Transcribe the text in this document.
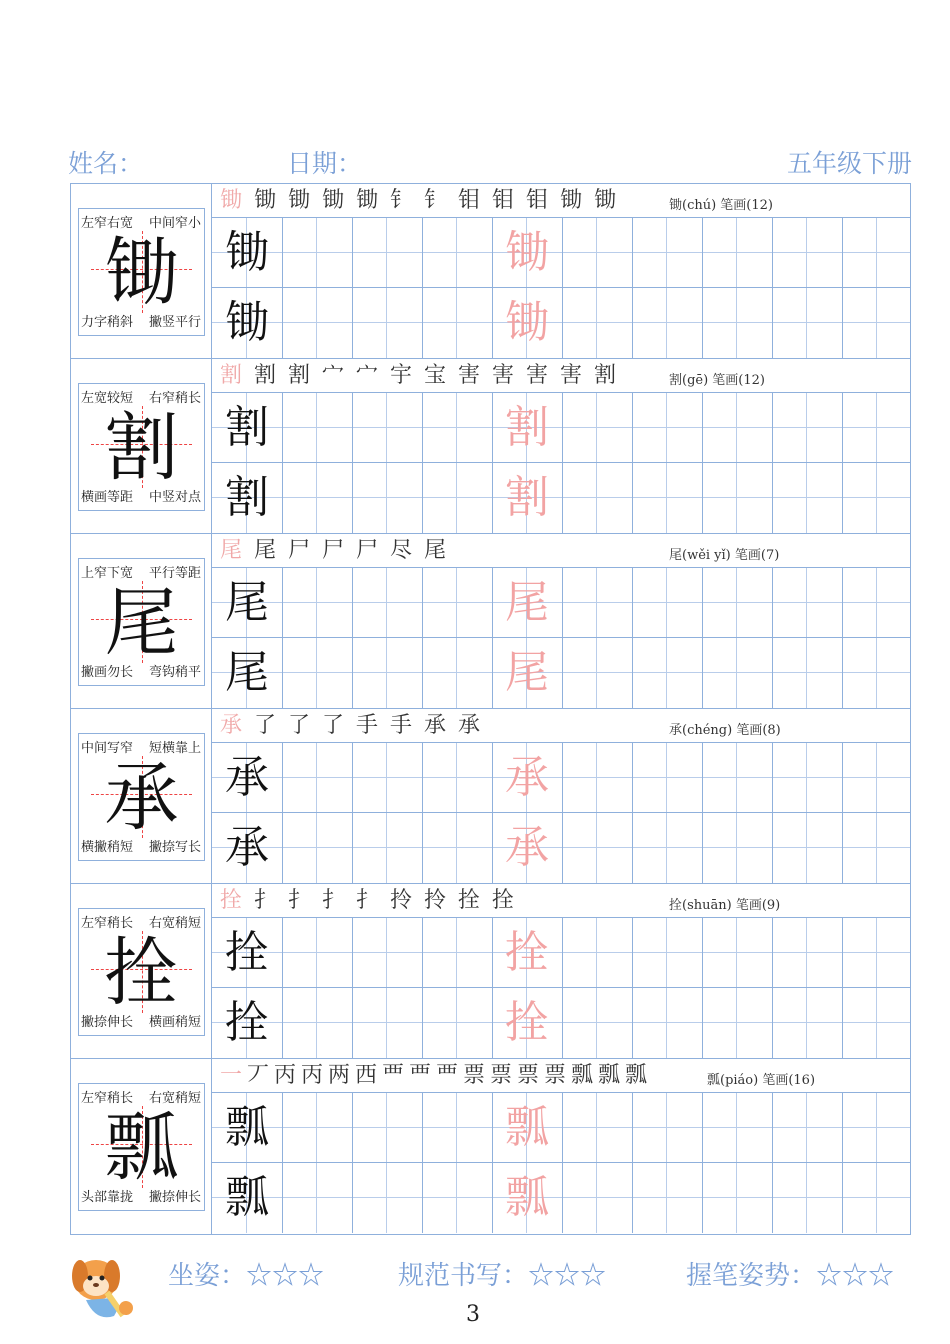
姓名：	日期：	五年级下册
左窄右宽 中间窄小
力字稍斜 撇竖平行
锄
锄 锄 锄 锄 锄 钅 钅 钼 钼 钼 锄 锄	锄(chú) 笔画(12)
锄	锄
锄	锄
左宽较短 右窄稍长
横画等距 中竖对点
割
割 割 割 宀 宀 宇 宝 害 害 害 害 割	割(gē) 笔画(12)
割	割
割	割
上窄下宽 平行等距
撇画勿长 弯钩稍平
尾
尾 尾 尸 尸 尸 尽 尾	尾(wěi yǐ) 笔画(7)
尾	尾
尾	尾
中间写窄 短横靠上
横撇稍短 撇捺写长
承
承 了 了 了 手 手 承 承	承(chéng) 笔画(8)
承	承
承	承
左窄稍长 右宽稍短
撇捺伸长 横画稍短
拴
拴 扌 扌 扌 扌 拎 拎 拴 拴	拴(shuān) 笔画(9)
拴	拴
拴	拴
左窄稍长 右宽稍短
头部靠拢 撇捺伸长
瓢
一 丆 丙 丙 两 西 覀 覀 覀 票 票 票 票 瓢 瓢 瓢	瓢(piáo) 笔画(16)
瓢	瓢
瓢	瓢
坐姿：☆☆☆	规范书写：☆☆☆	握笔姿势：☆☆☆
3
